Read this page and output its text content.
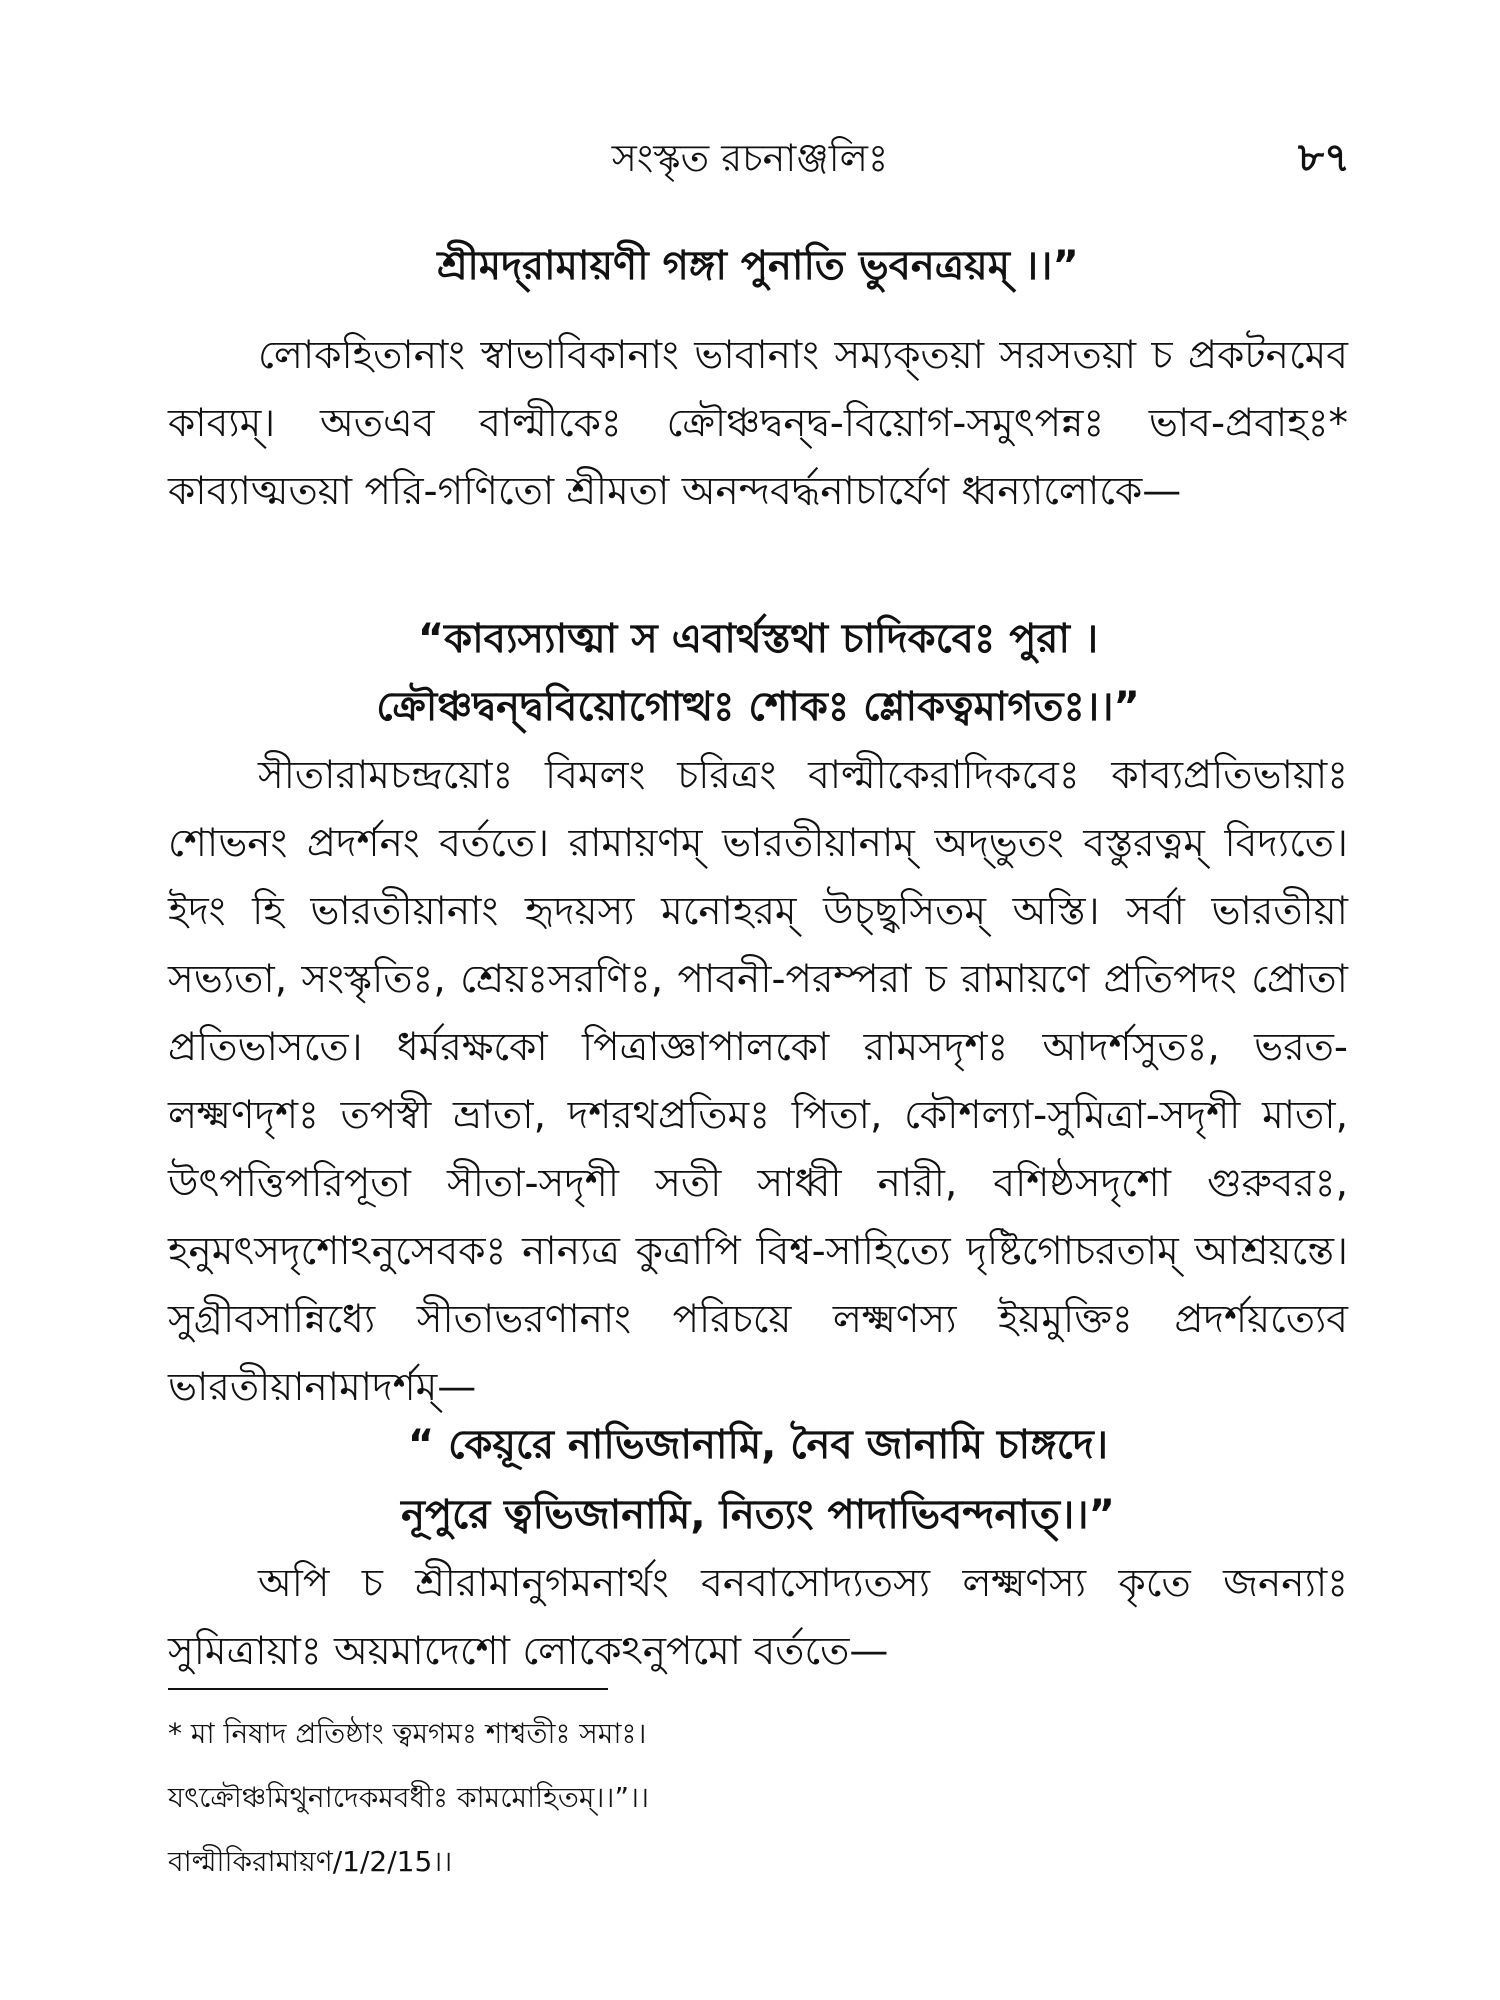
সংস্কৃত রচনাঞ্জলিঃ	৮৭
শ্রীমদ্‌রামায়ণী গঙ্গা পুনাতি ভুবনত্রয়ম্‌ ।।”
লোকহিতানাং স্বাভাবিকানাং ভাবানাং সম্যক্‌তয়া সরসতয়া চ প্রকটনমেব কাব্যম্‌। অতএব বাল্মীকেঃ ক্রৌঞ্চদ্বন্দ্ব-বিয়োগ-সমুৎপন্নঃ ভাব-প্রবাহঃ* কাব্যাত্মতয়া পরি-গণিতো শ্রীমতা অনন্দবর্দ্ধনাচার্যেণ ধ্বন্যালোকে—
“কাব্যস্যাত্মা স এবার্থস্তথা চাদিকবেঃ পুরা ।
ক্রৌঞ্চদ্বন্দ্ববিয়োগোত্থঃ শোকঃ শ্লোকত্বমাগতঃ।।”
সীতারামচন্দ্রয়োঃ বিমলং চরিত্রং বাল্মীকেরাদিকবেঃ কাব্যপ্রতিভায়াঃ শোভনং প্রদর্শনং বর্ততে। রামায়ণম্‌ ভারতীয়ানাম্‌ অদ্‌ভুতং বস্তুরত্নম্‌ বিদ্যতে। ইদং হি ভারতীয়ানাং হৃদয়স্য মনোহরম্‌ উচ্ছ্বসিতম্‌ অস্তি। সর্বা ভারতীয়া সভ্যতা, সংস্কৃতিঃ, শ্রেয়ঃসরণিঃ, পাবনী-পরম্পরা চ রামায়ণে প্রতিপদং প্রোতা প্রতিভাসতে। ধর্মরক্ষকো পিত্রাজ্ঞাপালকো রামসদৃশঃ আদর্শসুতঃ, ভরত-লক্ষ্মণদৃশঃ তপস্বী ভ্রাতা, দশরথপ্রতিমঃ পিতা, কৌশল্যা-সুমিত্রা-সদৃশী মাতা, উৎপত্তিপরিপূতা সীতা-সদৃশী সতী সাধ্বী নারী, বশিষ্ঠসদৃশো গুরুবরঃ, হনুমৎসদৃশোঽনুসেবকঃ নান্যত্র কুত্রাপি বিশ্ব-সাহিত্যে দৃষ্টিগোচরতাম্‌ আশ্রয়ন্তে। সুগ্রীবসান্নিধ্যে সীতাভরণানাং পরিচয়ে লক্ষ্মণস্য ইয়মুক্তিঃ প্রদর্শয়ত্যেব ভারতীয়ানামাদর্শম্‌—
“ কেয়ূরে নাভিজানামি, নৈব জানামি চাঙ্গদে।
নূপুরে ত্বভিজানামি, নিত্যং পাদাভিবন্দনাত্‌।।”
অপি চ শ্রীরামানুগমনার্থং বনবাসোদ্যতস্য লক্ষ্মণস্য কৃতে জনন্যাঃ সুমিত্রায়াঃ অয়মাদেশো লোকেঽনুপমো বর্ততে—
* মা নিষাদ প্রতিষ্ঠাং ত্বমগমঃ শাশ্বতীঃ সমাঃ।
যৎক্রৌঞ্চমিথুনাদেকমবধীঃ কামমোহিতম্‌।।”।।
বাল্মীকিরামায়ণ/1/2/15।।
